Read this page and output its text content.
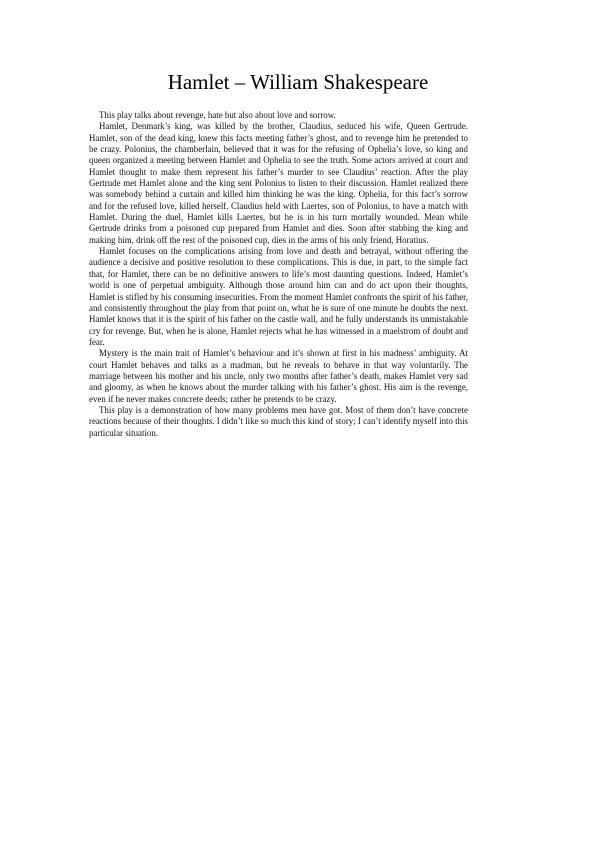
Hamlet – William Shakespeare

This play talks about revenge, hate but also about love and sorrow.

Hamlet, Denmark’s king, was killed by the brother, Claudius, seduced his wife, Queen Gertrude. Hamlet, son of the dead king, knew this facts meeting father’s ghost, and to revenge him he pretended to be crazy. Polonius, the chamberlain, believed that it was for the refusing of Ophelia’s love, so king and queen organized a meeting between Hamlet and Ophelia to see the truth. Some actors arrived at court and Hamlet thought to make them represent his father’s murder to see Claudius’ reaction. After the play Gertrude met Hamlet alone and the king sent Polonius to listen to their discussion. Hamlet realized there was somebody behind a curtain and killed him thinking he was the king. Ophelia, for this fact’s sorrow and for the refused love, killed herself. Claudius held with Laertes, son of Polonius, to have a match with Hamlet. During the duel, Hamlet kills Laertes, but he is in his turn mortally wounded. Mean while Gertrude drinks from a poisoned cup prepared from Hamlet and dies. Soon after stabbing the king and making him, drink off the rest of the poisoned cup, dies in the arms of his only friend, Horatius.

Hamlet focuses on the complications arising from love and death and betrayal, without offering the audience a decisive and positive resolution to these complications. This is due, in part, to the simple fact that, for Hamlet, there can be no definitive answers to life’s most daunting questions. Indeed, Hamlet’s world is one of perpetual ambiguity. Although those around him can and do act upon their thoughts, Hamlet is stifled by his consuming insecurities. From the moment Hamlet confronts the spirit of his father, and consistently throughout the play from that point on, what he is sure of one minute he doubts the next. Hamlet knows that it is the spirit of his father on the castle wall, and he fully understands its unmistakable cry for revenge. But, when he is alone, Hamlet rejects what he has witnessed in a maelstrom of doubt and fear.

Mystery is the main trait of Hamlet’s behaviour and it’s shown at first in his madness’ ambiguity. At court Hamlet behaves and talks as a madman, but he reveals to behave in that way voluntarily. The marriage between his mother and his uncle, only two months after father’s death, makes Hamlet very sad and gloomy, as when he knows about the murder talking with his father’s ghost. His aim is the revenge, even if he never makes concrete deeds; rather he pretends to be crazy.

This play is a demonstration of how many problems men have got. Most of them don’t have concrete reactions because of their thoughts. I didn’t like so much this kind of story; I can’t identify myself into this particular situation.
